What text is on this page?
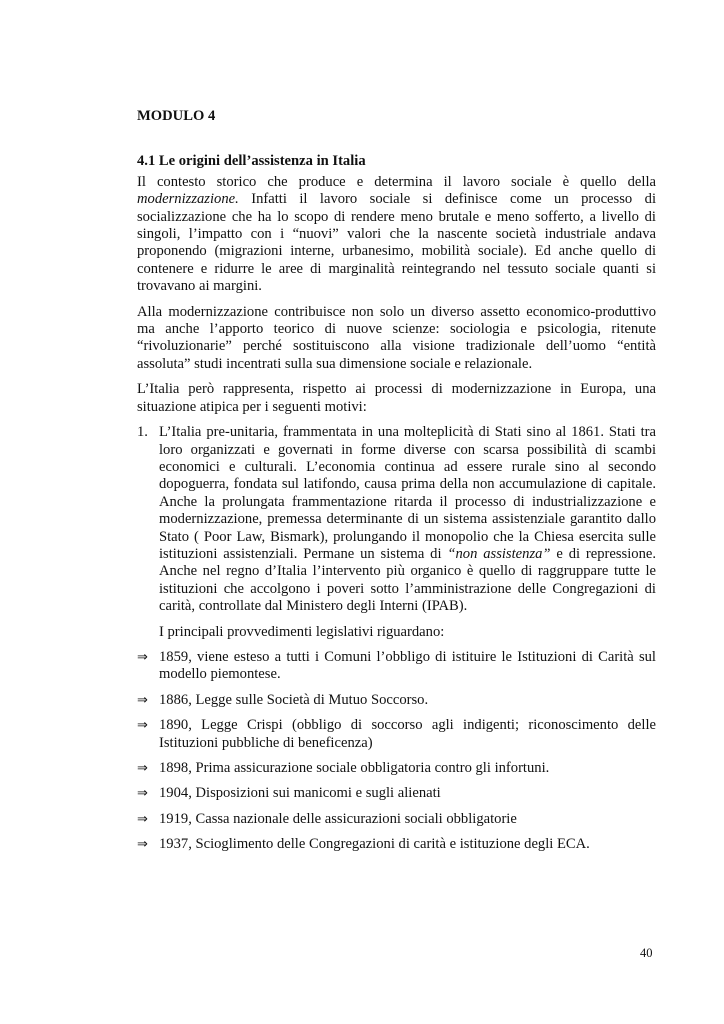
MODULO 4
4.1 Le origini dell’assistenza in Italia
Il contesto storico che produce e determina il lavoro sociale è quello della modernizzazione. Infatti il lavoro sociale si definisce come un processo di socializzazione che ha lo scopo di rendere meno brutale e meno sofferto, a livello di singoli, l’impatto con i “nuovi” valori che la nascente società industriale andava proponendo (migrazioni interne, urbanesimo, mobilità sociale). Ed anche quello di contenere e ridurre le aree di marginalità reintegrando nel tessuto sociale quanti si trovavano ai margini.
Alla modernizzazione contribuisce non solo un diverso assetto economico-produttivo ma anche l’apporto teorico di nuove scienze: sociologia e psicologia, ritenute “rivoluzionarie” perché sostituiscono alla visione tradizionale dell’uomo “entità assoluta” studi incentrati sulla sua dimensione sociale e relazionale.
L’Italia però rappresenta, rispetto ai processi di modernizzazione in Europa, una situazione atipica per i seguenti motivi:
1. L’Italia pre-unitaria, frammentata in una molteplicità di Stati sino al 1861. Stati tra loro organizzati e governati in forme diverse con scarsa possibilità di scambi economici e culturali. L’economia continua ad essere rurale sino al secondo dopoguerra, fondata sul latifondo, causa prima della non accumulazione di capitale. Anche la prolungata frammentazione ritarda il processo di industrializzazione e modernizzazione, premessa determinante di un sistema assistenziale garantito dallo Stato ( Poor Law, Bismark), prolungando il monopolio che la Chiesa esercita sulle istituzioni assistenziali. Permane un sistema di “non assistenza” e di repressione. Anche nel regno d’Italia l’intervento più organico è quello di raggruppare tutte le istituzioni che accolgono i poveri sotto l’amministrazione delle Congregazioni di carità, controllate dal Ministero degli Interni (IPAB).
I principali provvedimenti legislativi riguardano:
⇒ 1859, viene esteso a tutti i Comuni l’obbligo di istituire le Istituzioni di Carità sul modello piemontese.
⇒ 1886, Legge sulle Società di Mutuo Soccorso.
⇒ 1890, Legge Crispi (obbligo di soccorso agli indigenti; riconoscimento delle Istituzioni pubbliche di beneficenza)
⇒ 1898, Prima assicurazione sociale obbligatoria contro gli infortuni.
⇒ 1904, Disposizioni sui manicomi e sugli alienati
⇒ 1919, Cassa nazionale delle assicurazioni sociali obbligatorie
⇒ 1937, Scioglimento delle Congregazioni di carità e istituzione degli ECA.
40
